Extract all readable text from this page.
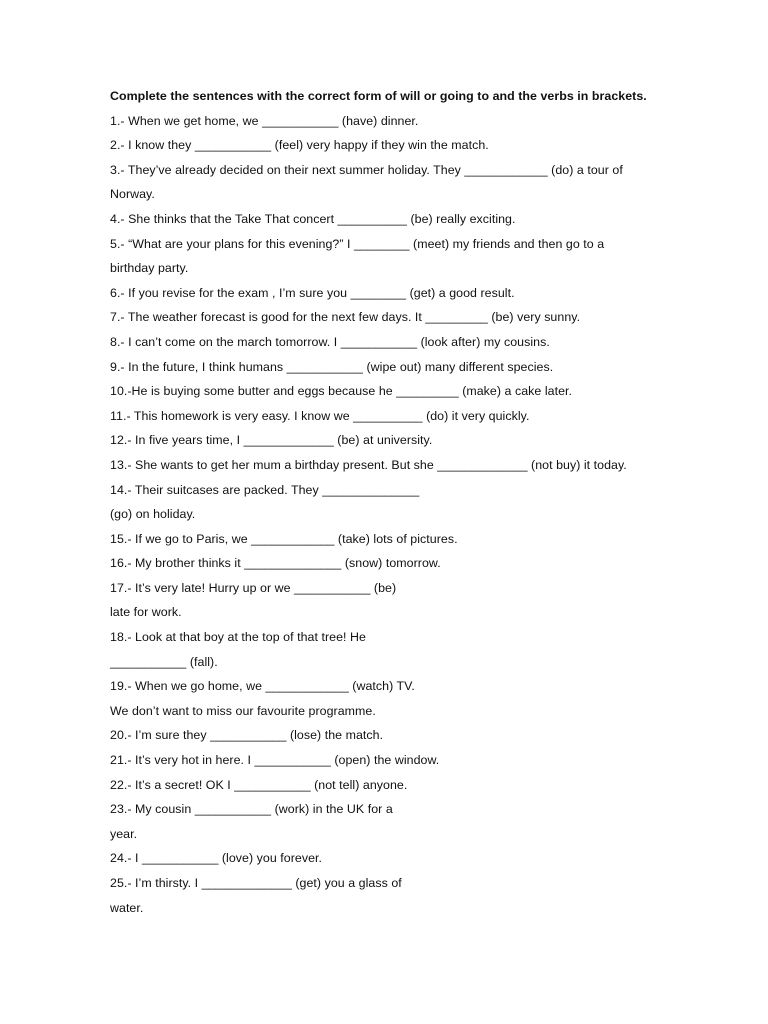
Complete the sentences with the correct form of will or going to and the verbs in brackets.
1.- When we get home, we ___________ (have) dinner.
2.- I know they ___________ (feel) very happy if they win the match.
3.- They’ve already decided on their next summer holiday. They ____________ (do) a tour of
Norway.
4.- She thinks that the Take That concert __________ (be) really exciting.
5.- “What are your plans for this evening?” I ________ (meet) my friends and then go to a
birthday party.
6.- If you revise for the exam , I’m sure you ________ (get) a good result.
7.- The weather forecast is good for the next few days. It _________ (be) very sunny.
8.- I can’t come on the march tomorrow. I ___________ (look after) my cousins.
9.- In the future, I think humans ___________ (wipe out) many different species.
10.-He is buying some butter and eggs because he _________ (make) a cake later.
11.- This homework is very easy. I know we __________ (do) it very quickly.
12.- In five years time, I _____________ (be) at university.
13.- She wants to get her mum a birthday present. But she _____________ (not buy) it today.
14.- Their suitcases are packed. They ______________
(go) on holiday.
15.- If we go to Paris, we ____________ (take) lots of pictures.
16.- My brother thinks it ______________ (snow) tomorrow.
17.- It’s very late! Hurry up or we ___________ (be)
late for work.
18.- Look at that boy at the top of that tree! He
___________ (fall).
19.- When we go home, we ____________ (watch) TV.
We don’t want to miss our favourite programme.
20.- I’m sure they ___________ (lose) the match.
21.- It’s very hot in here. I ___________ (open) the window.
22.- It’s a secret! OK I ___________ (not tell) anyone.
23.- My cousin ___________ (work) in the UK for a
year.
24.- I ___________ (love) you forever.
25.- I’m thirsty. I _____________ (get) you a glass of
water.
